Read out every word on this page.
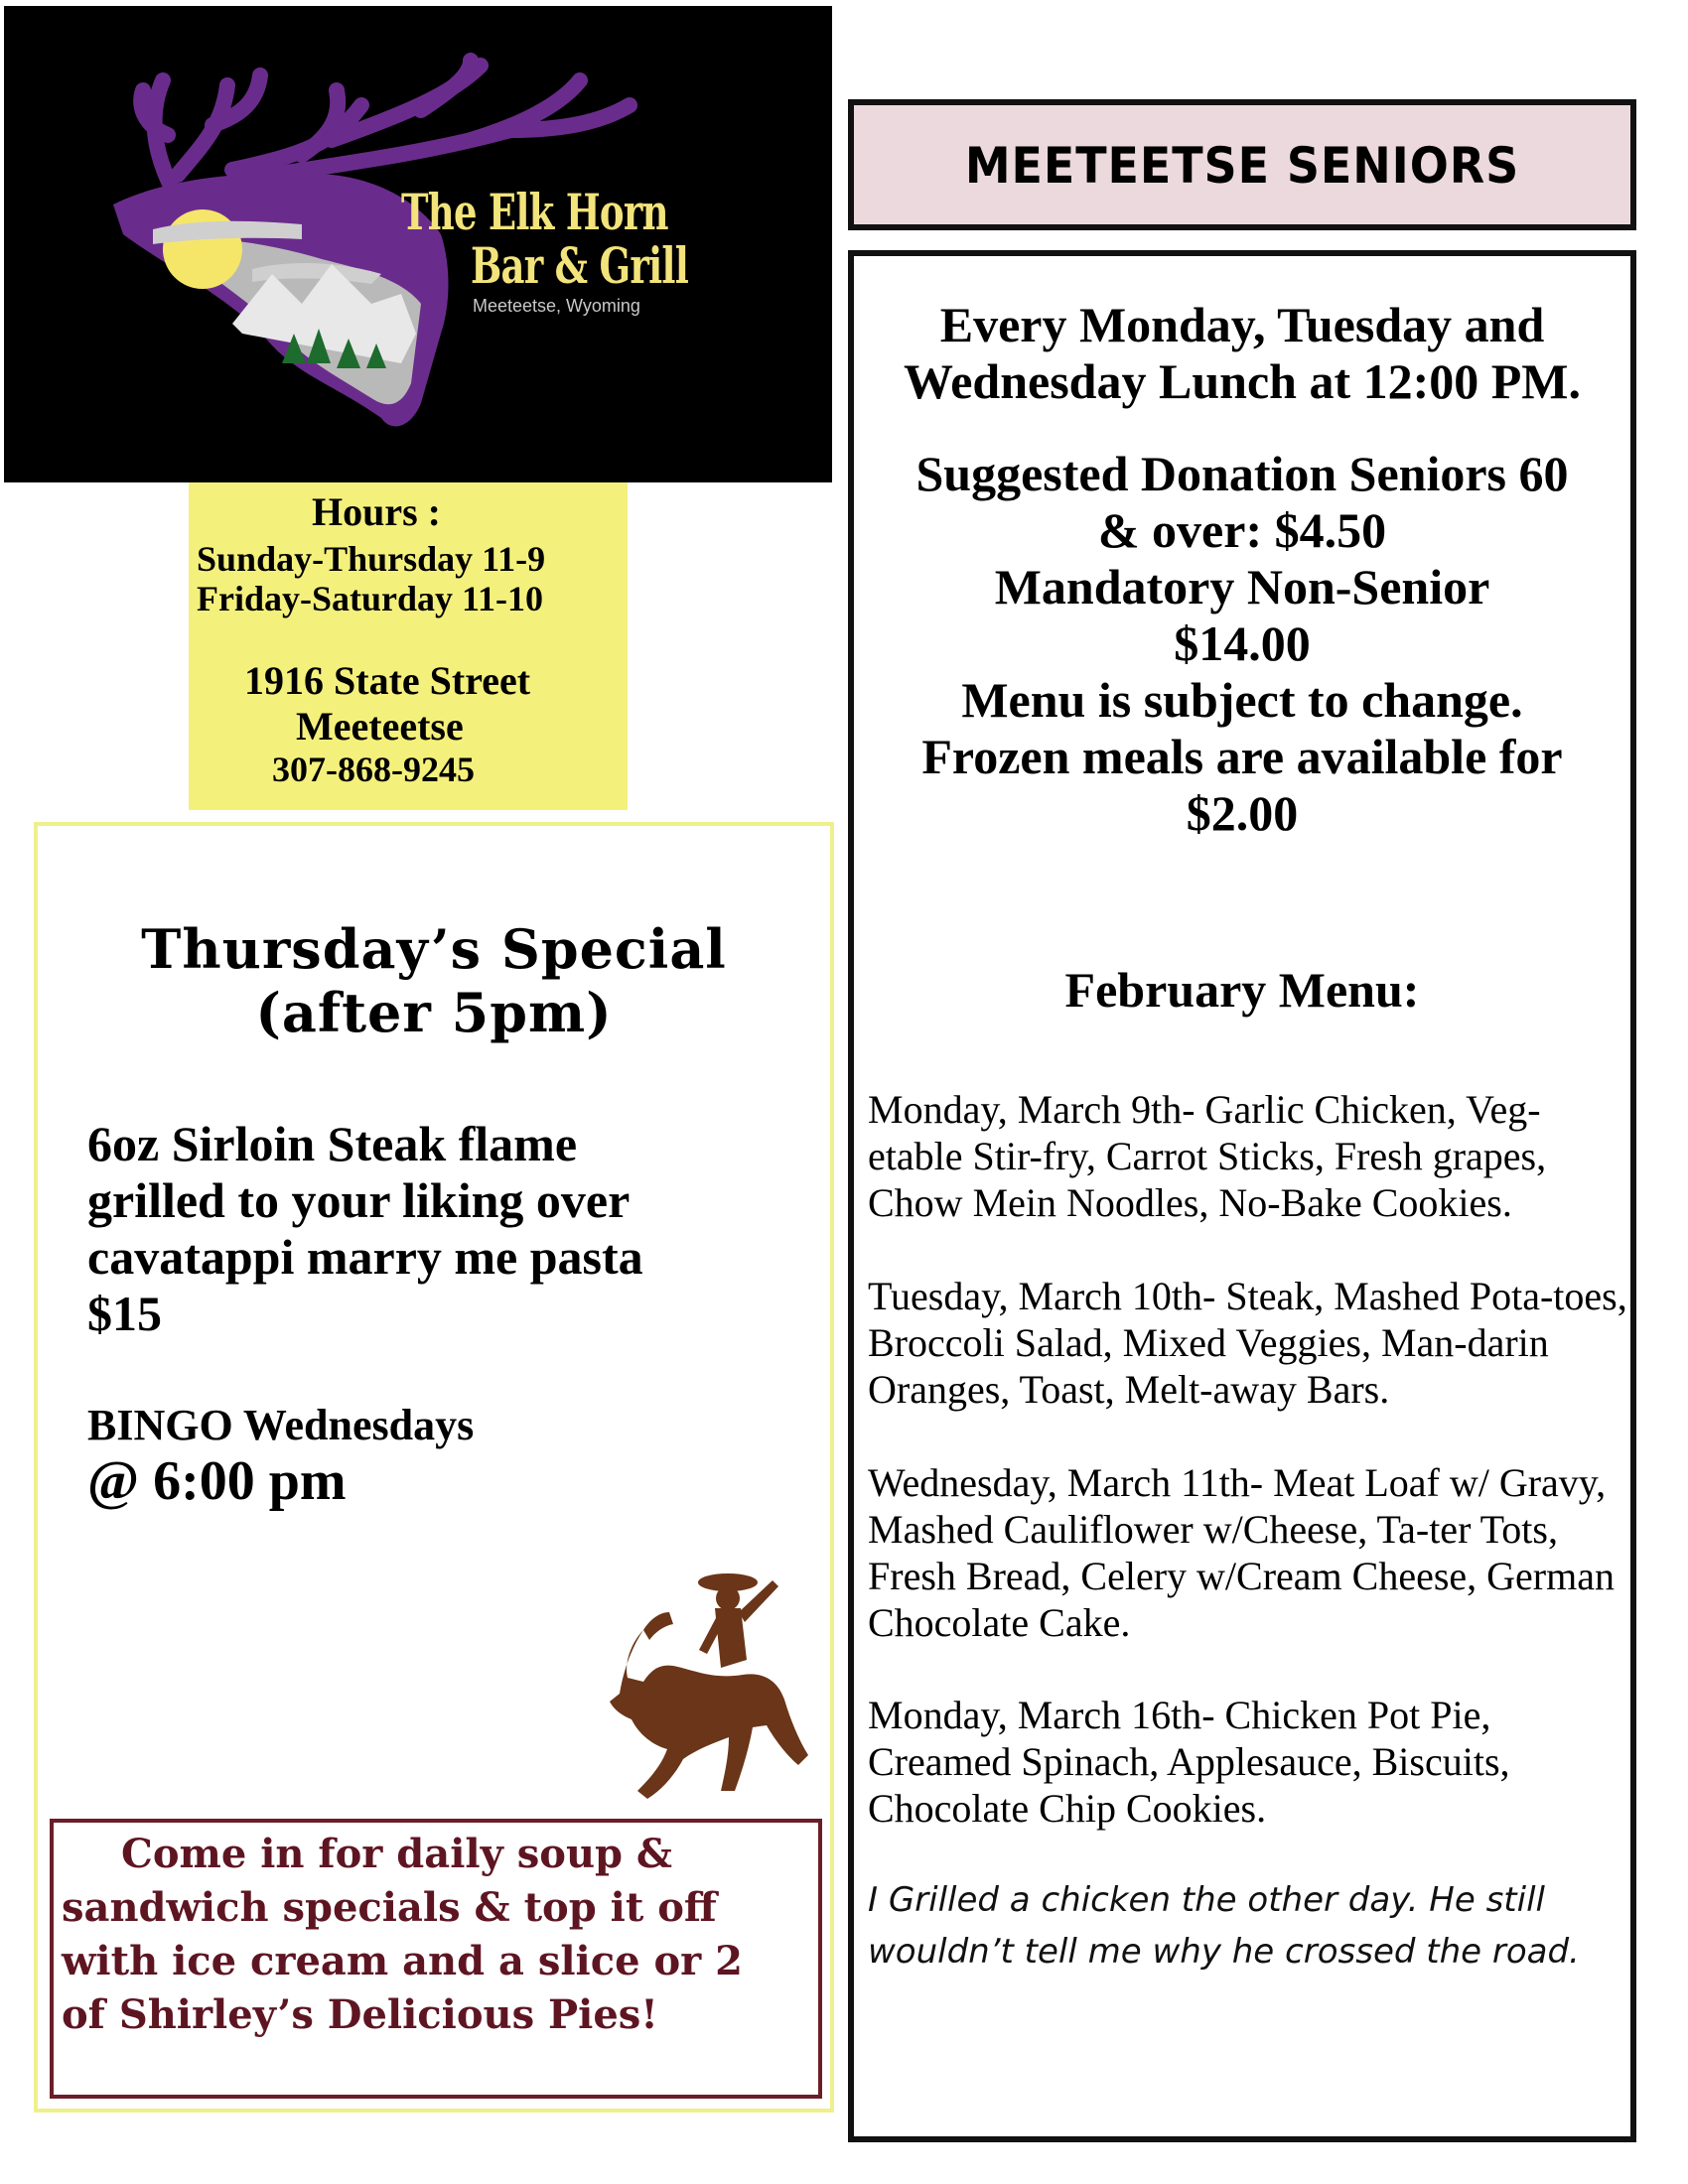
The Elk Horn
Bar & Grill
Meeteetse, Wyoming
Hours :
Sunday-Thursday 11-9
Friday-Saturday 11-10
1916 State Street
Meeteetse
307-868-9245
Thursday’s Special
(after 5pm)
6oz Sirloin Steak flame
grilled to your liking over
cavatappi marry me pasta
$15
BINGO Wednesdays
@ 6:00 pm
Come in for daily soup &
sandwich specials & top it off
with ice cream and a slice or 2
of Shirley’s Delicious Pies!
MEETEETSE SENIORS
Every Monday, Tuesday and
Wednesday Lunch at 12:00 PM.
Suggested Donation Seniors 60
& over: $4.50
Mandatory Non-Senior
$14.00
Menu is subject to change.
Frozen meals are available for
$2.00
February Menu:
Monday, March 9th- Garlic Chicken, Veg-etable Stir-fry, Carrot Sticks, Fresh grapes, Chow Mein Noodles, No-Bake Cookies.
Tuesday, March 10th- Steak, Mashed Pota-toes, Broccoli Salad, Mixed Veggies, Man-darin Oranges, Toast, Melt-away Bars.
Wednesday, March 11th- Meat Loaf w/ Gravy, Mashed Cauliflower w/Cheese, Ta-ter Tots, Fresh Bread, Celery w/Cream Cheese, German Chocolate Cake.
Monday, March 16th- Chicken Pot Pie, Creamed Spinach, Applesauce, Biscuits, Chocolate Chip Cookies.
I Grilled a chicken the other day. He still wouldn’t tell me why he crossed the road.
